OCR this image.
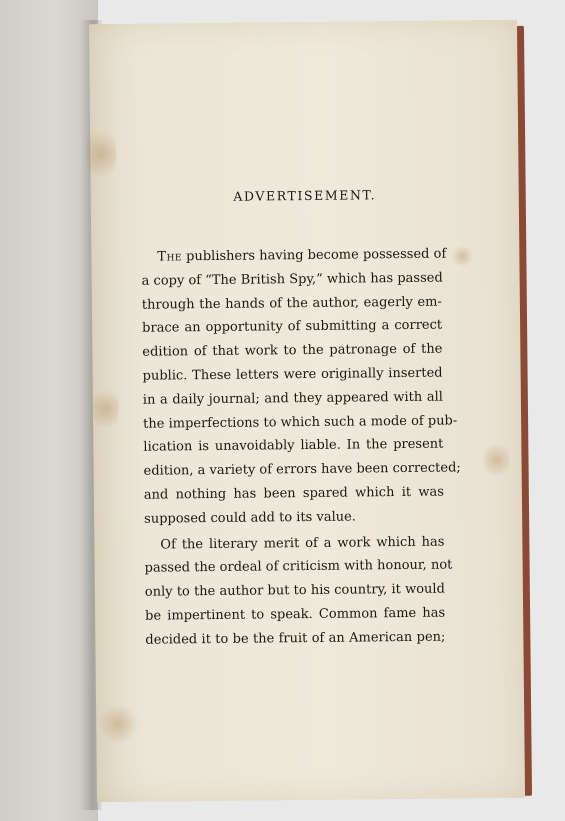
ADVERTISEMENT.
The publishers having become possessed of
a copy of “The British Spy,” which has passed
through the hands of the author, eagerly em-
brace an opportunity of submitting a correct
edition of that work to the patronage of the
public. These letters were originally inserted
in a daily journal; and they appeared with all
the imperfections to which such a mode of pub-
lication is unavoidably liable. In the present
edition, a variety of errors have been corrected;
and nothing has been spared which it was
supposed could add to its value.
Of the literary merit of a work which has
passed the ordeal of criticism with honour, not
only to the author but to his country, it would
be impertinent to speak. Common fame has
decided it to be the fruit of an American pen;
